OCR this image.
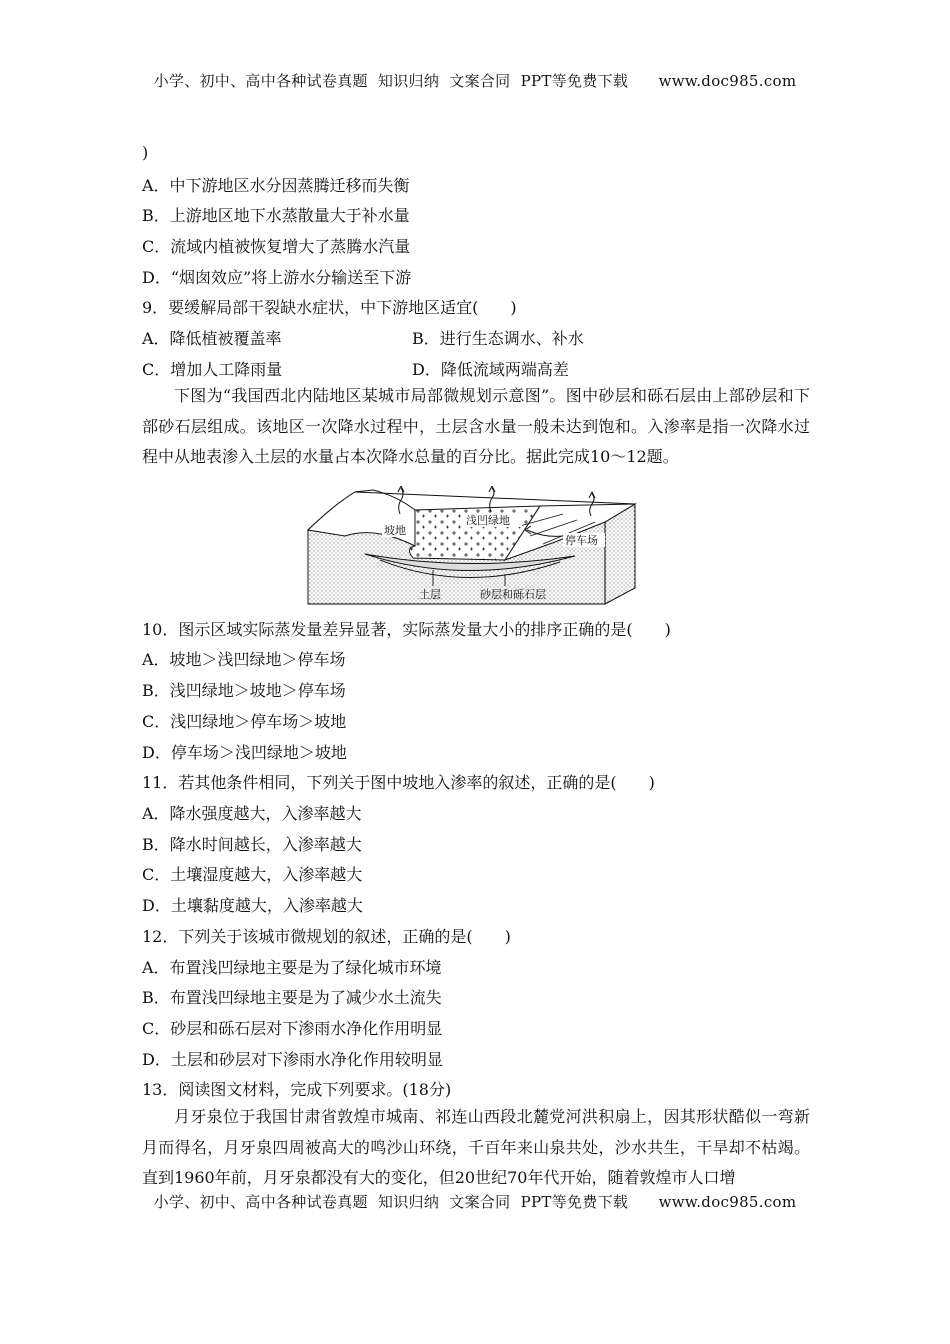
小学、初中、高中各种试卷真题  知识归纳  文案合同  PPT等免费下载      www.doc985.com
)
A．中下游地区水分因蒸腾迁移而失衡
B．上游地区地下水蒸散量大于补水量
C．流域内植被恢复增大了蒸腾水汽量
D．“烟囱效应”将上游水分输送至下游
9．要缓解局部干裂缺水症状，中下游地区适宜(　　)
A．降低植被覆盖率	B．进行生态调水、补水
C．增加人工降雨量	D．降低流域两端高差

下图为“我国西北内陆地区某城市局部微规划示意图”。图中砂层和砾石层由上部砂层和下部砂石层组成。该地区一次降水过程中，土层含水量一般未达到饱和。入渗率是指一次降水过程中从地表渗入土层的水量占本次降水总量的百分比。据此完成10～12题。

坡地
浅凹绿地
停车场
土层	砂层和砾石层
10．图示区域实际蒸发量差异显著，实际蒸发量大小的排序正确的是(　　)
A．坡地＞浅凹绿地＞停车场
B．浅凹绿地＞坡地＞停车场
C．浅凹绿地＞停车场＞坡地
D．停车场＞浅凹绿地＞坡地
11．若其他条件相同，下列关于图中坡地入渗率的叙述，正确的是(　　)
A．降水强度越大，入渗率越大
B．降水时间越长，入渗率越大
C．土壤湿度越大，入渗率越大
D．土壤黏度越大，入渗率越大
12．下列关于该城市微规划的叙述，正确的是(　　)
A．布置浅凹绿地主要是为了绿化城市环境
B．布置浅凹绿地主要是为了减少水土流失
C．砂层和砾石层对下渗雨水净化作用明显
D．土层和砂层对下渗雨水净化作用较明显
13．阅读图文材料，完成下列要求。(18分)

月牙泉位于我国甘肃省敦煌市城南、祁连山西段北麓党河洪积扇上，因其形状酷似一弯新月而得名，月牙泉四周被高大的鸣沙山环绕，千百年来山泉共处，沙水共生，干旱却不枯竭。直到1960年前，月牙泉都没有大的变化，但20世纪70年代开始，随着敦煌市人口增

小学、初中、高中各种试卷真题  知识归纳  文案合同  PPT等免费下载      www.doc985.com
